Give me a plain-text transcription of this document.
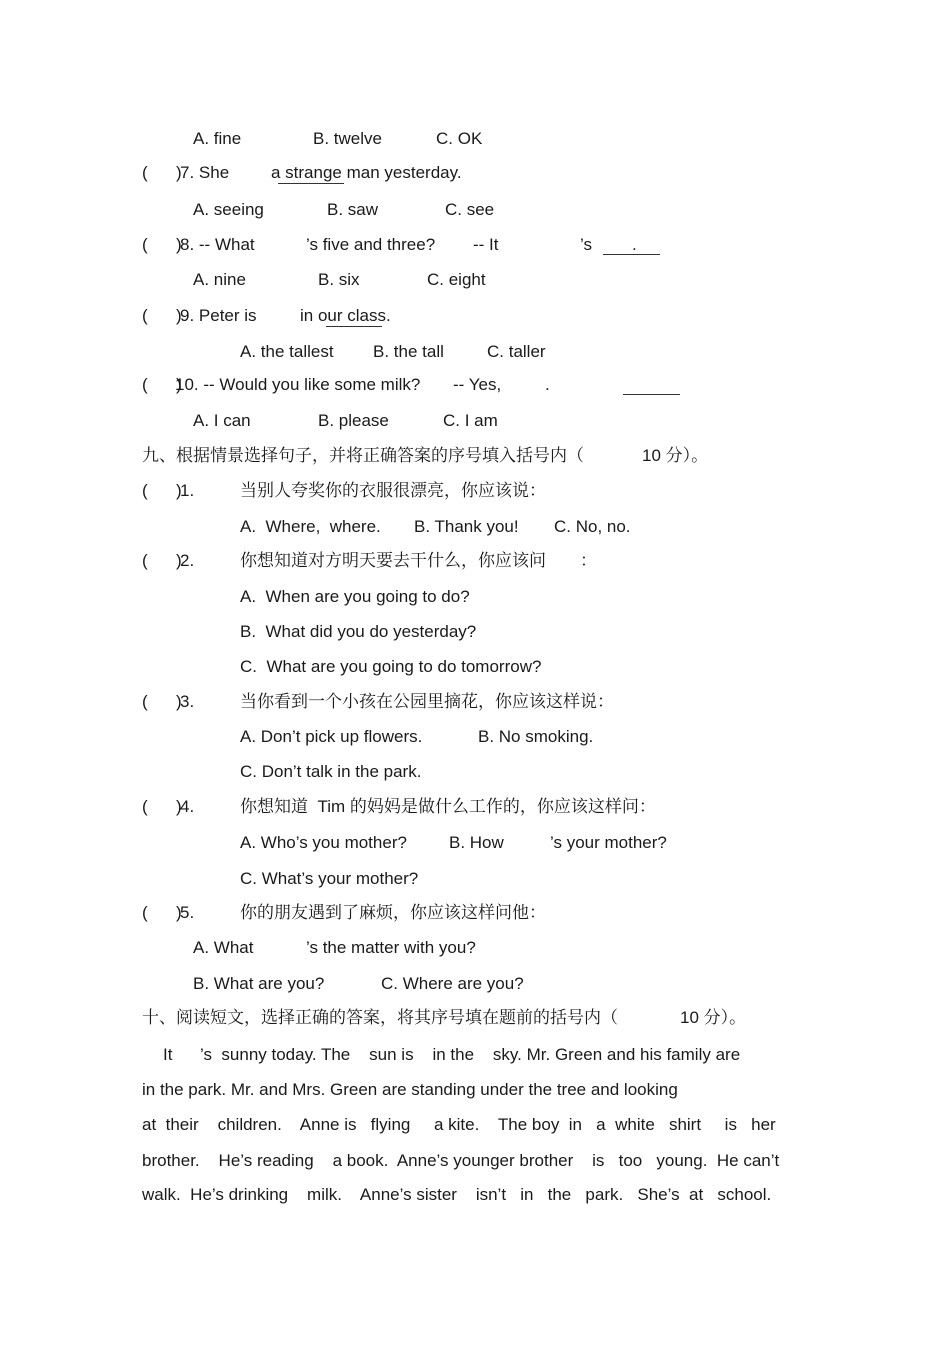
A. fine	B. twelve	C. OK
(      )
7. She a strange man yesterday.
A. seeing	B. saw	C. see
(      )
8. -- What	’s five and three? -- It	’s .
A. nine	B. six	C. eight
(      )
9. Peter is	in our class.
A. the tallest B. the tall	C. taller
(      )
10. -- Would you like some milk? -- Yes,	.
A. I can	B. please	C. I am
九、根据情景选择句子，并将正确答案的序号填入括号内（	10 分）。
(      )
1.	当别人夸奖你的衣服很漂亮，你应该说：
A.  Where,  where. B. Thank you! C. No, no.
(      )
2.	你想知道对方明天要去干什么，你应该问 ：
A.  When are you going to do?
B.  What did you do yesterday?
C.  What are you going to do tomorrow?
(      )
3.	当你看到一个小孩在公园里摘花，你应该这样说：
A. Don’t pick up flowers.	B. No smoking.
C. Don’t talk in the park.
(      )
4.	你想知道  Tim 的妈妈是做什么工作的，你应该这样问：
A. Who’s you mother? B. How	’s your mother?
C. What’s your mother?
(      )
5.	你的朋友遇到了麻烦，你应该这样问他：
A. What	’s the matter with you?
B. What are you?	C. Where are you?
十、阅读短文，选择正确的答案，将其序号填在题前的括号内（	10 分）。
It ’s  sunny today. The    sun is    in the    sky. Mr. Green and his family are
in the park. Mr. and Mrs. Green are standing under the tree and looking
at  their    children.    Anne is   flying     a kite.    The boy  in   a  white   shirt     is   her
brother.    He’s reading    a book.  Anne’s younger brother    is   too   young.  He can’t
walk.  He’s drinking    milk.    Anne’s sister    isn’t   in   the   park.   She’s  at   school.
